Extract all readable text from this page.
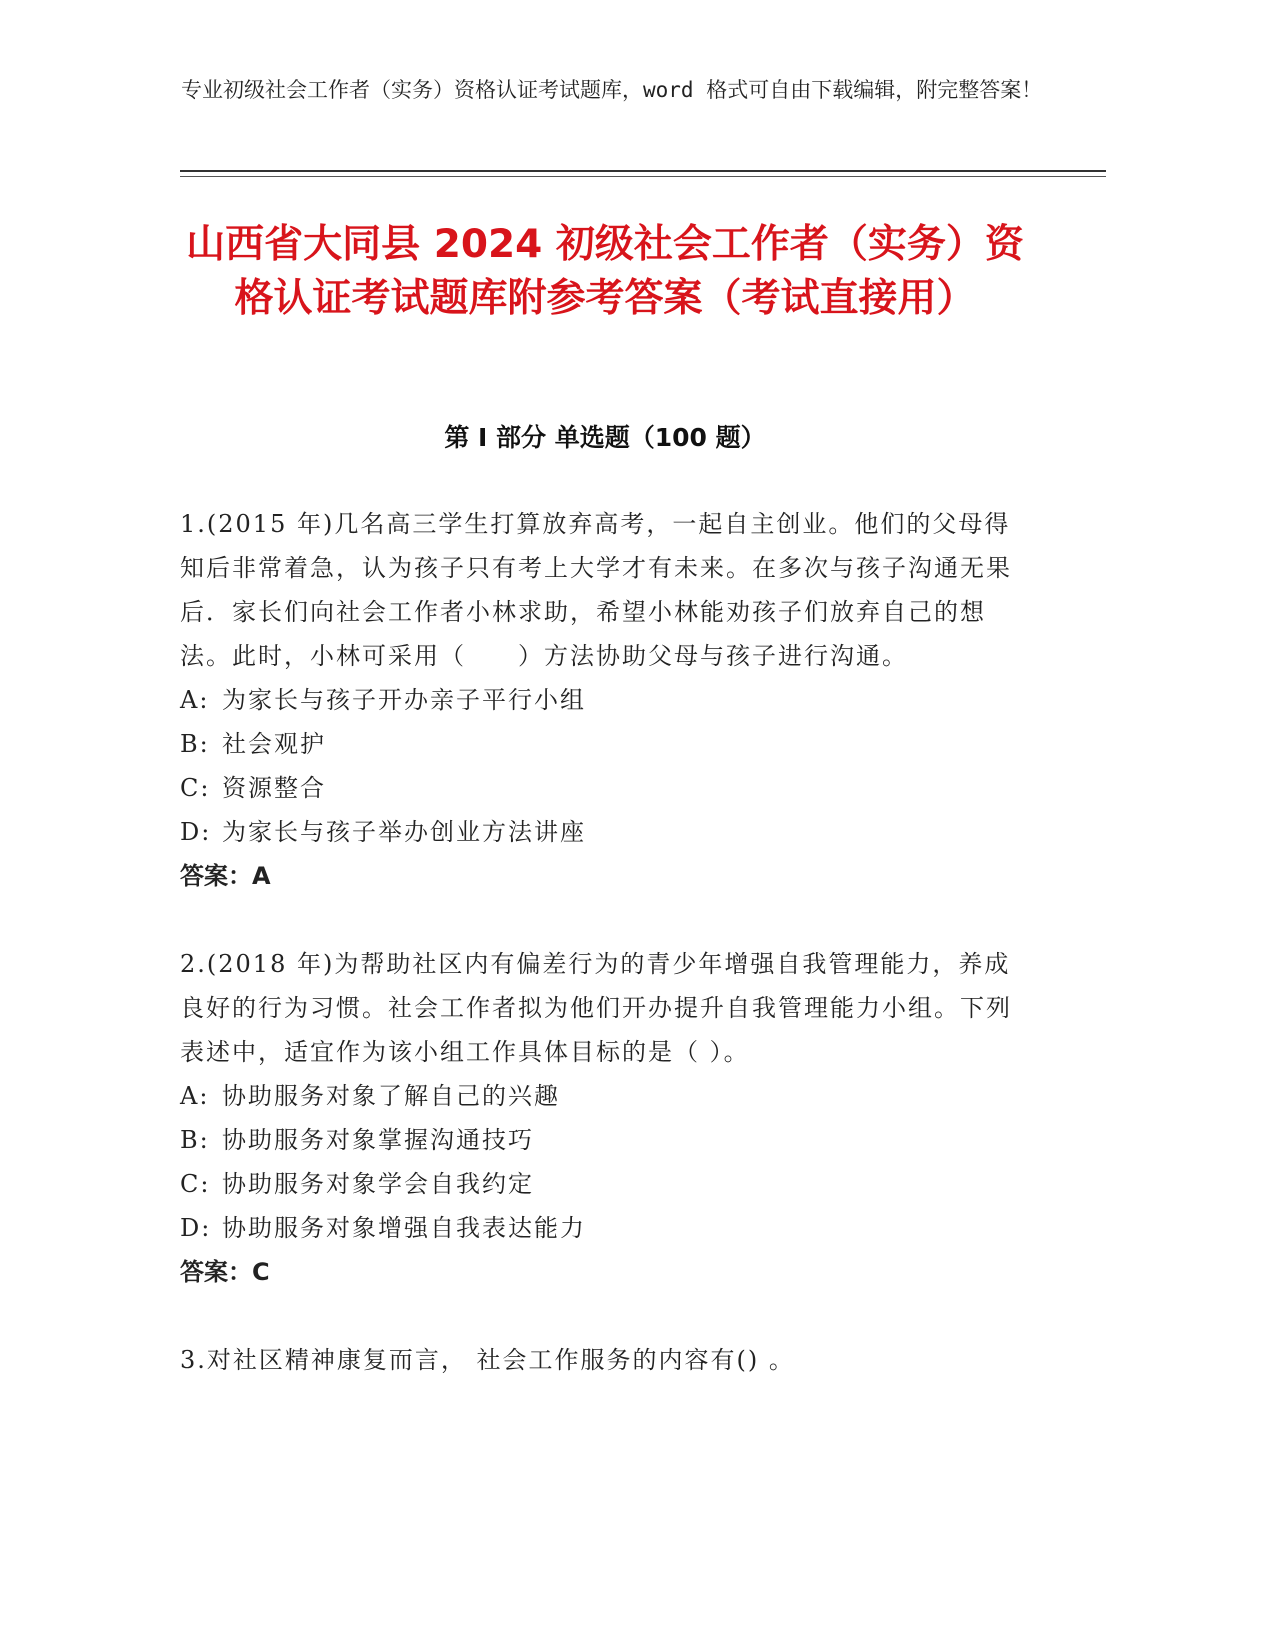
专业初级社会工作者（实务）资格认证考试题库，word 格式可自由下载编辑，附完整答案！
山西省大同县 2024 初级社会工作者（实务）资格认证考试题库附参考答案（考试直接用）
第 I 部分 单选题（100 题）

1.(2015 年)几名高三学生打算放弃高考，一起自主创业。他们的父母得知后非常着急，认为孩子只有考上大学才有未来。在多次与孩子沟通无果后．家长们向社会工作者小林求助，希望小林能劝孩子们放弃自己的想法。此时，小林可采用（　　）方法协助父母与孩子进行沟通。

A: 为家长与孩子开办亲子平行小组

B: 社会观护

C: 资源整合

D: 为家长与孩子举办创业方法讲座

答案：A

2.(2018 年)为帮助社区内有偏差行为的青少年增强自我管理能力，养成良好的行为习惯。社会工作者拟为他们开办提升自我管理能力小组。下列表述中，适宜作为该小组工作具体目标的是（ ）。

A: 协助服务对象了解自己的兴趣

B: 协助服务对象掌握沟通技巧

C: 协助服务对象学会自我约定

D: 协助服务对象增强自我表达能力

答案：C

3.对社区精神康复而言， 社会工作服务的内容有() 。
